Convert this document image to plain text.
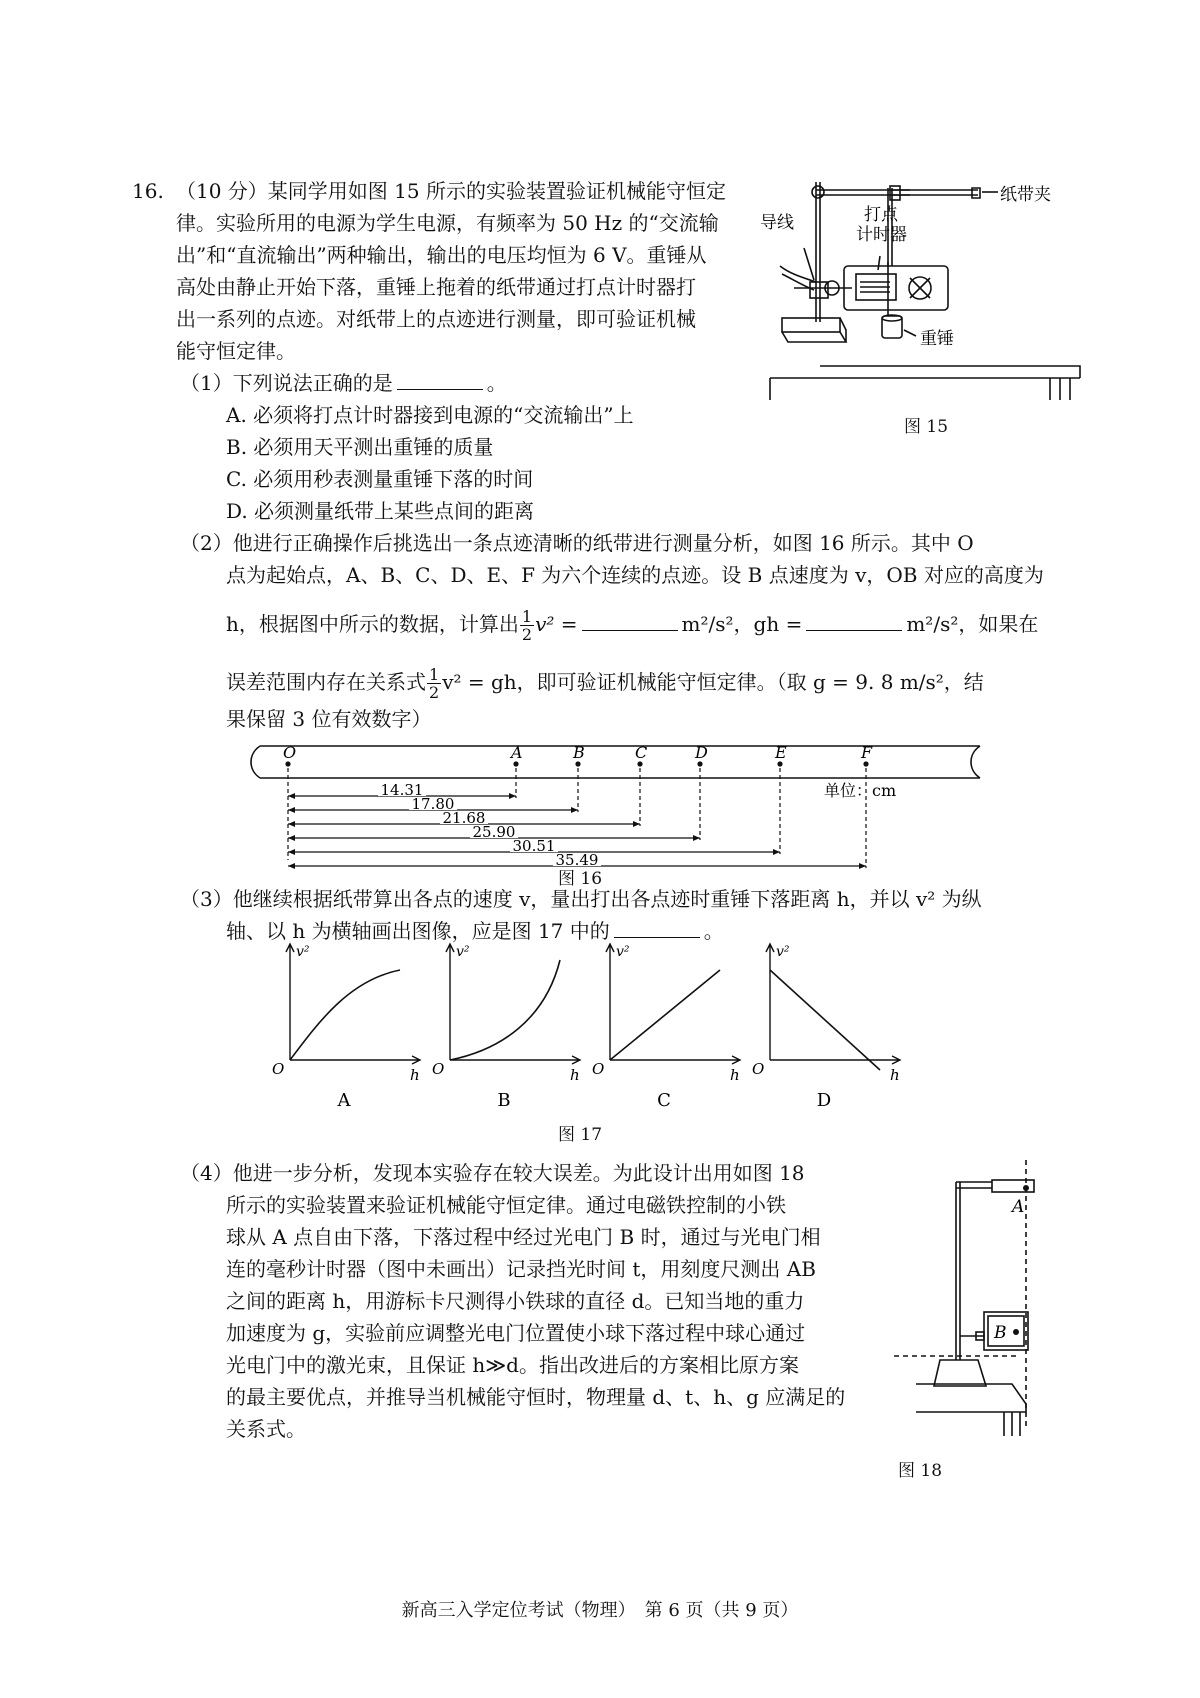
16. （10 分）某同学用如图 15 所示的实验装置验证机械能守恒定
律。实验所用的电源为学生电源，有频率为 50 Hz 的“交流输
出”和“直流输出”两种输出，输出的电压均恒为 6 V。重锤从
高处由静止开始下落，重锤上拖着的纸带通过打点计时器打
出一系列的点迹。对纸带上的点迹进行测量，即可验证机械
能守恒定律。
（1）下列说法正确的是	。
A. 必须将打点计时器接到电源的“交流输出”上
B. 必须用天平测出重锤的质量
C. 必须用秒表测量重锤下落的时间
D. 必须测量纸带上某些点间的距离
（2）他进行正确操作后挑选出一条点迹清晰的纸带进行测量分析，如图 16 所示。其中 O
点为起始点，A、B、C、D、E、F 为六个连续的点迹。设 B 点速度为 v，OB 对应的高度为
h，根据图中所示的数据，计算出 $\frac{1}{2} v^2$ =	m²/s²，gh =	m²/s²，如果在
误差范围内存在关系式 $\frac{1}{2} v^2$ = gh，即可验证机械能守恒定律。（取 g = 9. 8 m/s²，结
果保留 3 位有效数字）
纸带夹
打点
计时器
导线
重锤
图 15
单位：cm
O	A	B	C	D	E	F
14.31
17.80
21.68
25.90
30.51
35.49
图 16
（3）他继续根据纸带算出各点的速度 v，量出打出各点迹时重锤下落距离 h，并以 v² 为纵
轴、以 h 为横轴画出图像，应是图 17 中的	。
v²
h
O
A
v²
h
O
B
v²
h
O
C
v²
h
O
D
图 17
（4）他进一步分析，发现本实验存在较大误差。为此设计出用如图 18
所示的实验装置来验证机械能守恒定律。通过电磁铁控制的小铁
球从 A 点自由下落，下落过程中经过光电门 B 时，通过与光电门相
连的毫秒计时器（图中未画出）记录挡光时间 t，用刻度尺测出 AB
之间的距离 h，用游标卡尺测得小铁球的直径 d。已知当地的重力
加速度为 g，实验前应调整光电门位置使小球下落过程中球心通过
光电门中的激光束，且保证 h≫d。指出改进后的方案相比原方案
的最主要优点，并推导当机械能守恒时，物理量 d、t、h、g 应满足的
关系式。
A
B
图 18
新高三入学定位考试（物理）　第 6 页（共 9 页）
